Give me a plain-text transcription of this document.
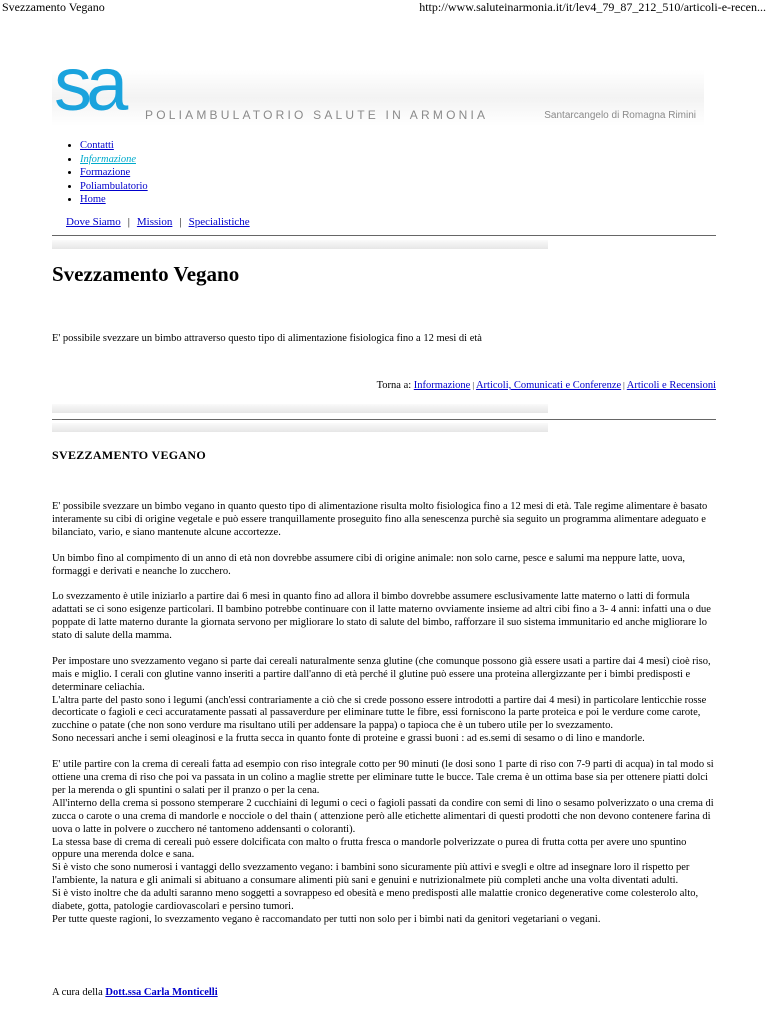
Svezzamento Vegano	http://www.saluteinarmonia.it/it/lev4_79_87_212_510/articoli-e-recen...
sa	POLIAMBULATORIO SALUTE IN ARMONIA	Santarcangelo di Romagna Rimini
• Contatti
• Informazione
• Formazione
• Poliambulatorio
• Home
Dove Siamo | Mission | Specialistiche
Svezzamento Vegano
E' possibile svezzare un bimbo attraverso questo tipo di alimentazione fisiologica fino a 12 mesi di età
Torna a: Informazione | Articoli, Comunicati e Conferenze | Articoli e Recensioni
SVEZZAMENTO VEGANO

E' possibile svezzare un bimbo vegano in quanto questo tipo di alimentazione risulta molto fisiologica fino a 12 mesi di età. Tale regime alimentare è basato interamente su cibi di origine vegetale e può essere tranquillamente proseguito fino alla senescenza purchè sia seguito un programma alimentare adeguato e bilanciato, vario, e siano mantenute alcune accortezze.

Un bimbo fino al compimento di un anno di età non dovrebbe assumere cibi di origine animale: non solo carne, pesce e salumi ma neppure latte, uova, formaggi e derivati e neanche lo zucchero.

Lo svezzamento è utile iniziarlo a partire dai 6 mesi in quanto fino ad allora il bimbo dovrebbe assumere esclusivamente latte materno o latti di formula adattati se ci sono esigenze particolari. Il bambino potrebbe continuare con il latte materno ovviamente insieme ad altri cibi fino a 3- 4 anni: infatti una o due poppate di latte materno durante la giornata servono per migliorare lo stato di salute del bimbo, rafforzare il suo sistema immunitario ed anche migliorare lo stato di salute della mamma.

Per impostare uno svezzamento vegano si parte dai cereali naturalmente senza glutine (che comunque possono già essere usati a partire dai 4 mesi) cioè riso, mais e miglio. I cerali con glutine vanno inseriti a partire dall'anno di età perché il glutine può essere una proteina allergizzante per i bimbi predisposti e determinare celiachia.
L'altra parte del pasto sono i legumi (anch'essi contrariamente a ciò che si crede possono essere introdotti a partire dai 4 mesi) in particolare lenticchie rosse decorticate o fagioli e ceci accuratamente passati al passaverdure per eliminare tutte le fibre, essi forniscono la parte proteica e poi le verdure come carote, zucchine o patate (che non sono verdure ma risultano utili per addensare la pappa) o tapioca che è un tubero utile per lo svezzamento.
Sono necessari anche i semi oleaginosi e la frutta secca in quanto fonte di proteine e grassi buoni : ad es.semi di sesamo o di lino e mandorle.

E' utile partire con la crema di cereali fatta ad esempio con riso integrale cotto per 90 minuti (le dosi sono 1 parte di riso con 7-9 parti di acqua) in tal modo si ottiene una crema di riso che poi va passata in un colino a maglie strette per eliminare tutte le bucce. Tale crema è un ottima base sia per ottenere piatti dolci per la merenda o gli spuntini o salati per il pranzo o per la cena.
All'interno della crema si possono stemperare 2 cucchiaini di legumi o ceci o fagioli passati da condire con semi di lino o sesamo polverizzato o una crema di zucca o carote o una crema di mandorle e nocciole o del thain ( attenzione però alle etichette alimentari di questi prodotti che non devono contenere farina di uova o latte in polvere o zucchero né tantomeno addensanti o coloranti).
La stessa base di crema di cereali può essere dolcificata con malto o frutta fresca o mandorle polverizzate o purea di frutta cotta per avere uno spuntino oppure una merenda dolce e sana.
Si è visto che sono numerosi i vantaggi dello svezzamento vegano: i bambini sono sicuramente più attivi e svegli e oltre ad insegnare loro il rispetto per l'ambiente, la natura e gli animali si abituano a consumare alimenti più sani e genuini e nutrizionalmete più completi anche una volta diventati adulti.
Si è visto inoltre che da adulti saranno meno soggetti a sovrappeso ed obesità e meno predisposti alle malattie cronico degenerative come colesterolo alto, diabete, gotta, patologie cardiovascolari e persino tumori.
Per tutte queste ragioni, lo svezzamento vegano è raccomandato per tutti non solo per i bimbi nati da genitori vegetariani o vegani.

A cura della Dott.ssa Carla Monticelli
